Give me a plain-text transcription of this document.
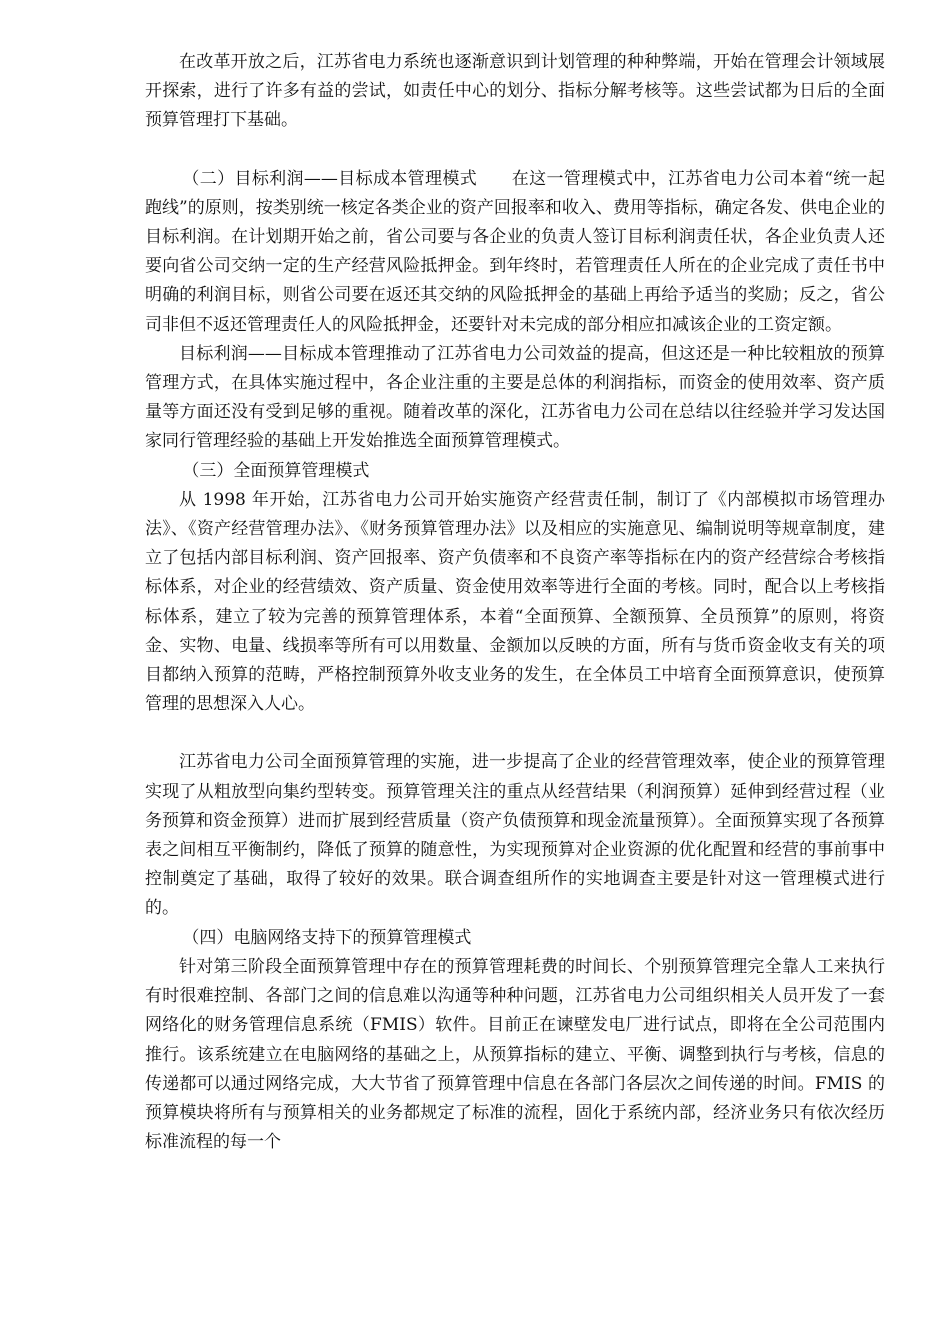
在改革开放之后，江苏省电力系统也逐渐意识到计划管理的种种弊端，开始在管理会计领域展开探索，进行了许多有益的尝试，如责任中心的划分、指标分解考核等。这些尝试都为日后的全面预算管理打下基础。

（二）目标利润——目标成本管理模式　　在这一管理模式中，江苏省电力公司本着“统一起跑线”的原则，按类别统一核定各类企业的资产回报率和收入、费用等指标，确定各发、供电企业的目标利润。在计划期开始之前，省公司要与各企业的负责人签订目标利润责任状，各企业负责人还要向省公司交纳一定的生产经营风险抵押金。到年终时，若管理责任人所在的企业完成了责任书中明确的利润目标，则省公司要在返还其交纳的风险抵押金的基础上再给予适当的奖励；反之，省公司非但不返还管理责任人的风险抵押金，还要针对未完成的部分相应扣减该企业的工资定额。

目标利润——目标成本管理推动了江苏省电力公司效益的提高，但这还是一种比较粗放的预算管理方式，在具体实施过程中，各企业注重的主要是总体的利润指标，而资金的使用效率、资产质量等方面还没有受到足够的重视。随着改革的深化，江苏省电力公司在总结以往经验并学习发达国家同行管理经验的基础上开发始推选全面预算管理模式。

（三）全面预算管理模式

从 1998 年开始，江苏省电力公司开始实施资产经营责任制，制订了《内部模拟市场管理办法》、《资产经营管理办法》、《财务预算管理办法》以及相应的实施意见、编制说明等规章制度，建立了包括内部目标利润、资产回报率、资产负债率和不良资产率等指标在内的资产经营综合考核指标体系，对企业的经营绩效、资产质量、资金使用效率等进行全面的考核。同时，配合以上考核指标体系，建立了较为完善的预算管理体系，本着“全面预算、全额预算、全员预算”的原则，将资金、实物、电量、线损率等所有可以用数量、金额加以反映的方面，所有与货币资金收支有关的项目都纳入预算的范畴，严格控制预算外收支业务的发生，在全体员工中培育全面预算意识，使预算管理的思想深入人心。

江苏省电力公司全面预算管理的实施，进一步提高了企业的经营管理效率，使企业的预算管理实现了从粗放型向集约型转变。预算管理关注的重点从经营结果（利润预算）延伸到经营过程（业务预算和资金预算）进而扩展到经营质量（资产负债预算和现金流量预算）。全面预算实现了各预算表之间相互平衡制约，降低了预算的随意性，为实现预算对企业资源的优化配置和经营的事前事中控制奠定了基础，取得了较好的效果。联合调查组所作的实地调查主要是针对这一管理模式进行的。

（四）电脑网络支持下的预算管理模式

针对第三阶段全面预算管理中存在的预算管理耗费的时间长、个别预算管理完全靠人工来执行有时很难控制、各部门之间的信息难以沟通等种种问题，江苏省电力公司组织相关人员开发了一套网络化的财务管理信息系统（FMIS）软件。目前正在谏壁发电厂进行试点，即将在全公司范围内推行。该系统建立在电脑网络的基础之上，从预算指标的建立、平衡、调整到执行与考核，信息的传递都可以通过网络完成，大大节省了预算管理中信息在各部门各层次之间传递的时间。FMIS 的预算模块将所有与预算相关的业务都规定了标准的流程，固化于系统内部，经济业务只有依次经历标准流程的每一个
